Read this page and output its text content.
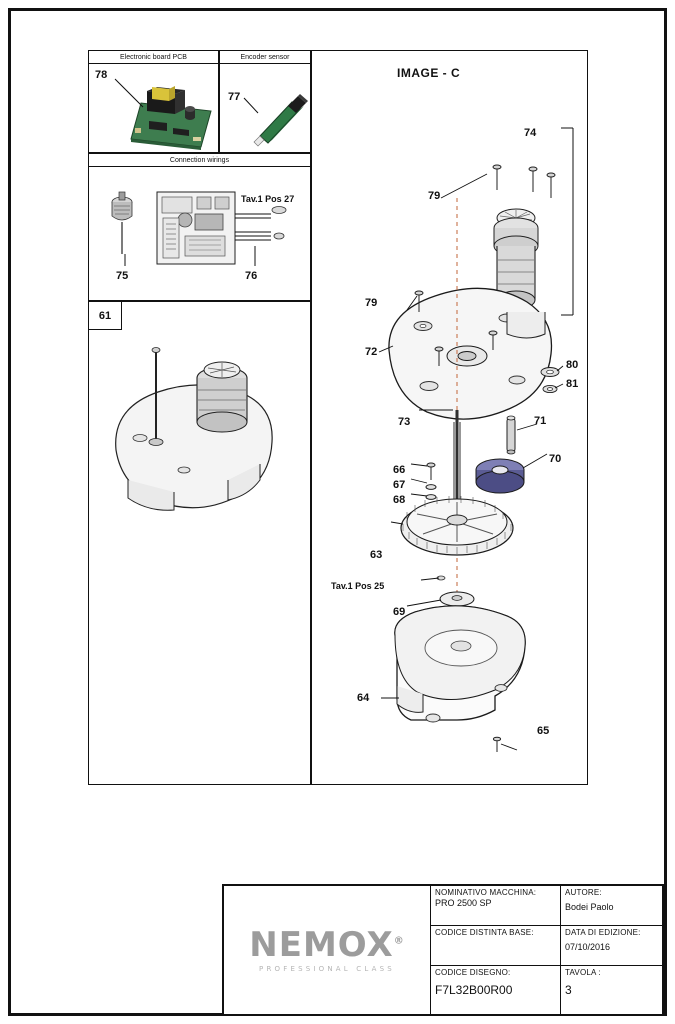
Electronic board PCB
78
Encoder sensor
77
Connection wirings
Tav.1 Pos 27
75	76
61
IMAGE - C
74
79
79
72
73
80
81
71
70
66
67
68
63
69
64
65
Tav.1 Pos 25
NEMOX®
PROFESSIONAL CLASS
NOMINATIVO MACCHINA:
PRO 2500 SP
AUTORE:
Bodei Paolo
CODICE DISTINTA BASE:	DATA DI EDIZIONE:
07/10/2016
CODICE DISEGNO:
F7L32B00R00
TAVOLA :
3
